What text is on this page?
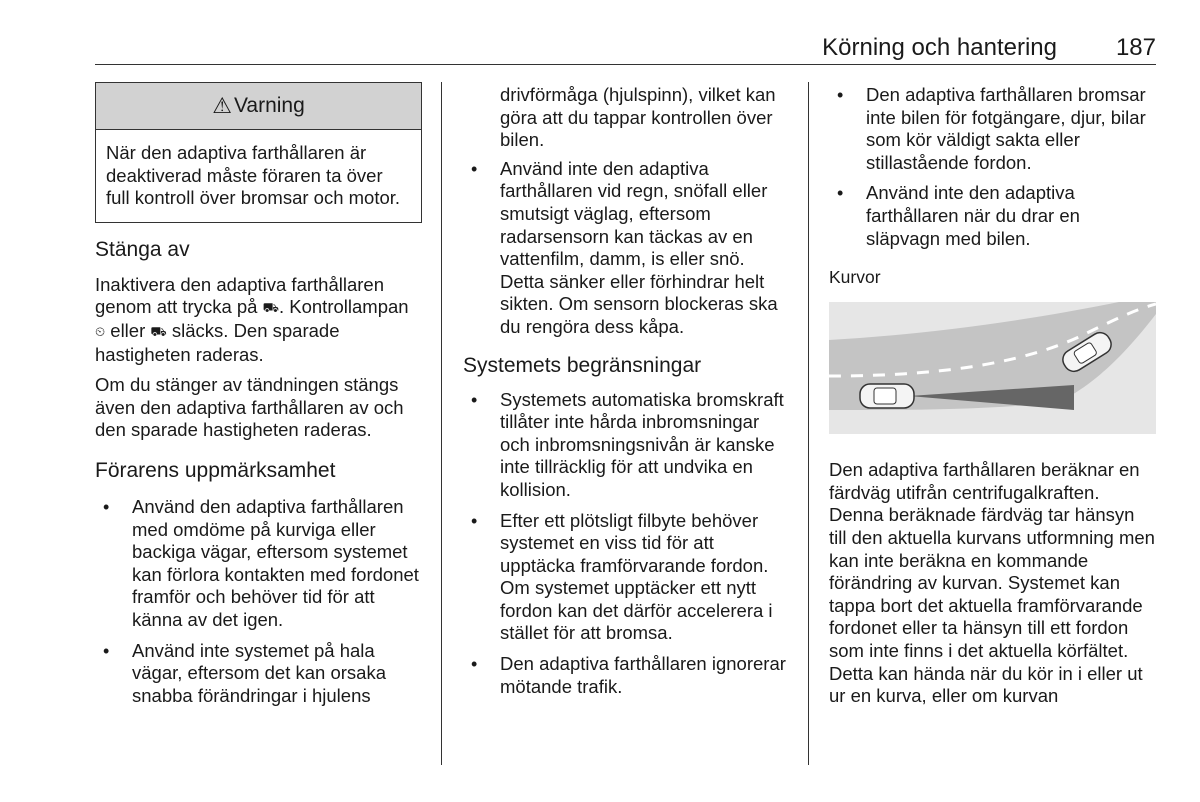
Körning och hantering 187
⚠ Varning

När den adaptiva farthållaren är deaktiverad måste föraren ta över full kontroll över bromsar och motor.

Stänga av

Inaktivera den adaptiva farthållaren genom att trycka på ⛟. Kontrollampan ⏲ eller ⛟ släcks. Den sparade hastigheten raderas.

Om du stänger av tändningen stängs även den adaptiva farthållaren av och den sparade hastigheten raderas.

Förarens uppmärksamhet
• Använd den adaptiva farthållaren med omdöme på kurviga eller backiga vägar, eftersom systemet kan förlora kontakten med fordonet framför och behöver tid för att känna av det igen.
• Använd inte systemet på hala vägar, eftersom det kan orsaka snabba förändringar i hjulens

drivförmåga (hjulspinn), vilket kan göra att du tappar kontrollen över bilen.

• Använd inte den adaptiva farthållaren vid regn, snöfall eller smutsigt väglag, eftersom radarsensorn kan täckas av en vattenfilm, damm, is eller snö. Detta sänker eller förhindrar helt sikten. Om sensorn blockeras ska du rengöra dess kåpa.
Systemets begränsningar
• Systemets automatiska bromskraft tillåter inte hårda inbromsningar och inbromsningsnivån är kanske inte tillräcklig för att undvika en kollision.
• Efter ett plötsligt filbyte behöver systemet en viss tid för att upptäcka framförvarande fordon. Om systemet upptäcker ett nytt fordon kan det därför accelerera i stället för att bromsa.
• Den adaptiva farthållaren ignorerar mötande trafik.
• Den adaptiva farthållaren bromsar inte bilen för fotgängare, djur, bilar som kör väldigt sakta eller stillastående fordon.
• Använd inte den adaptiva farthållaren när du drar en släpvagn med bilen.
Kurvor

Den adaptiva farthållaren beräknar en färdväg utifrån centrifugalkraften. Denna beräknade färdväg tar hänsyn till den aktuella kurvans utformning men kan inte beräkna en kommande förändring av kurvan. Systemet kan tappa bort det aktuella framförvarande fordonet eller ta hänsyn till ett fordon som inte finns i det aktuella körfältet. Detta kan hända när du kör in i eller ut ur en kurva, eller om kurvan
